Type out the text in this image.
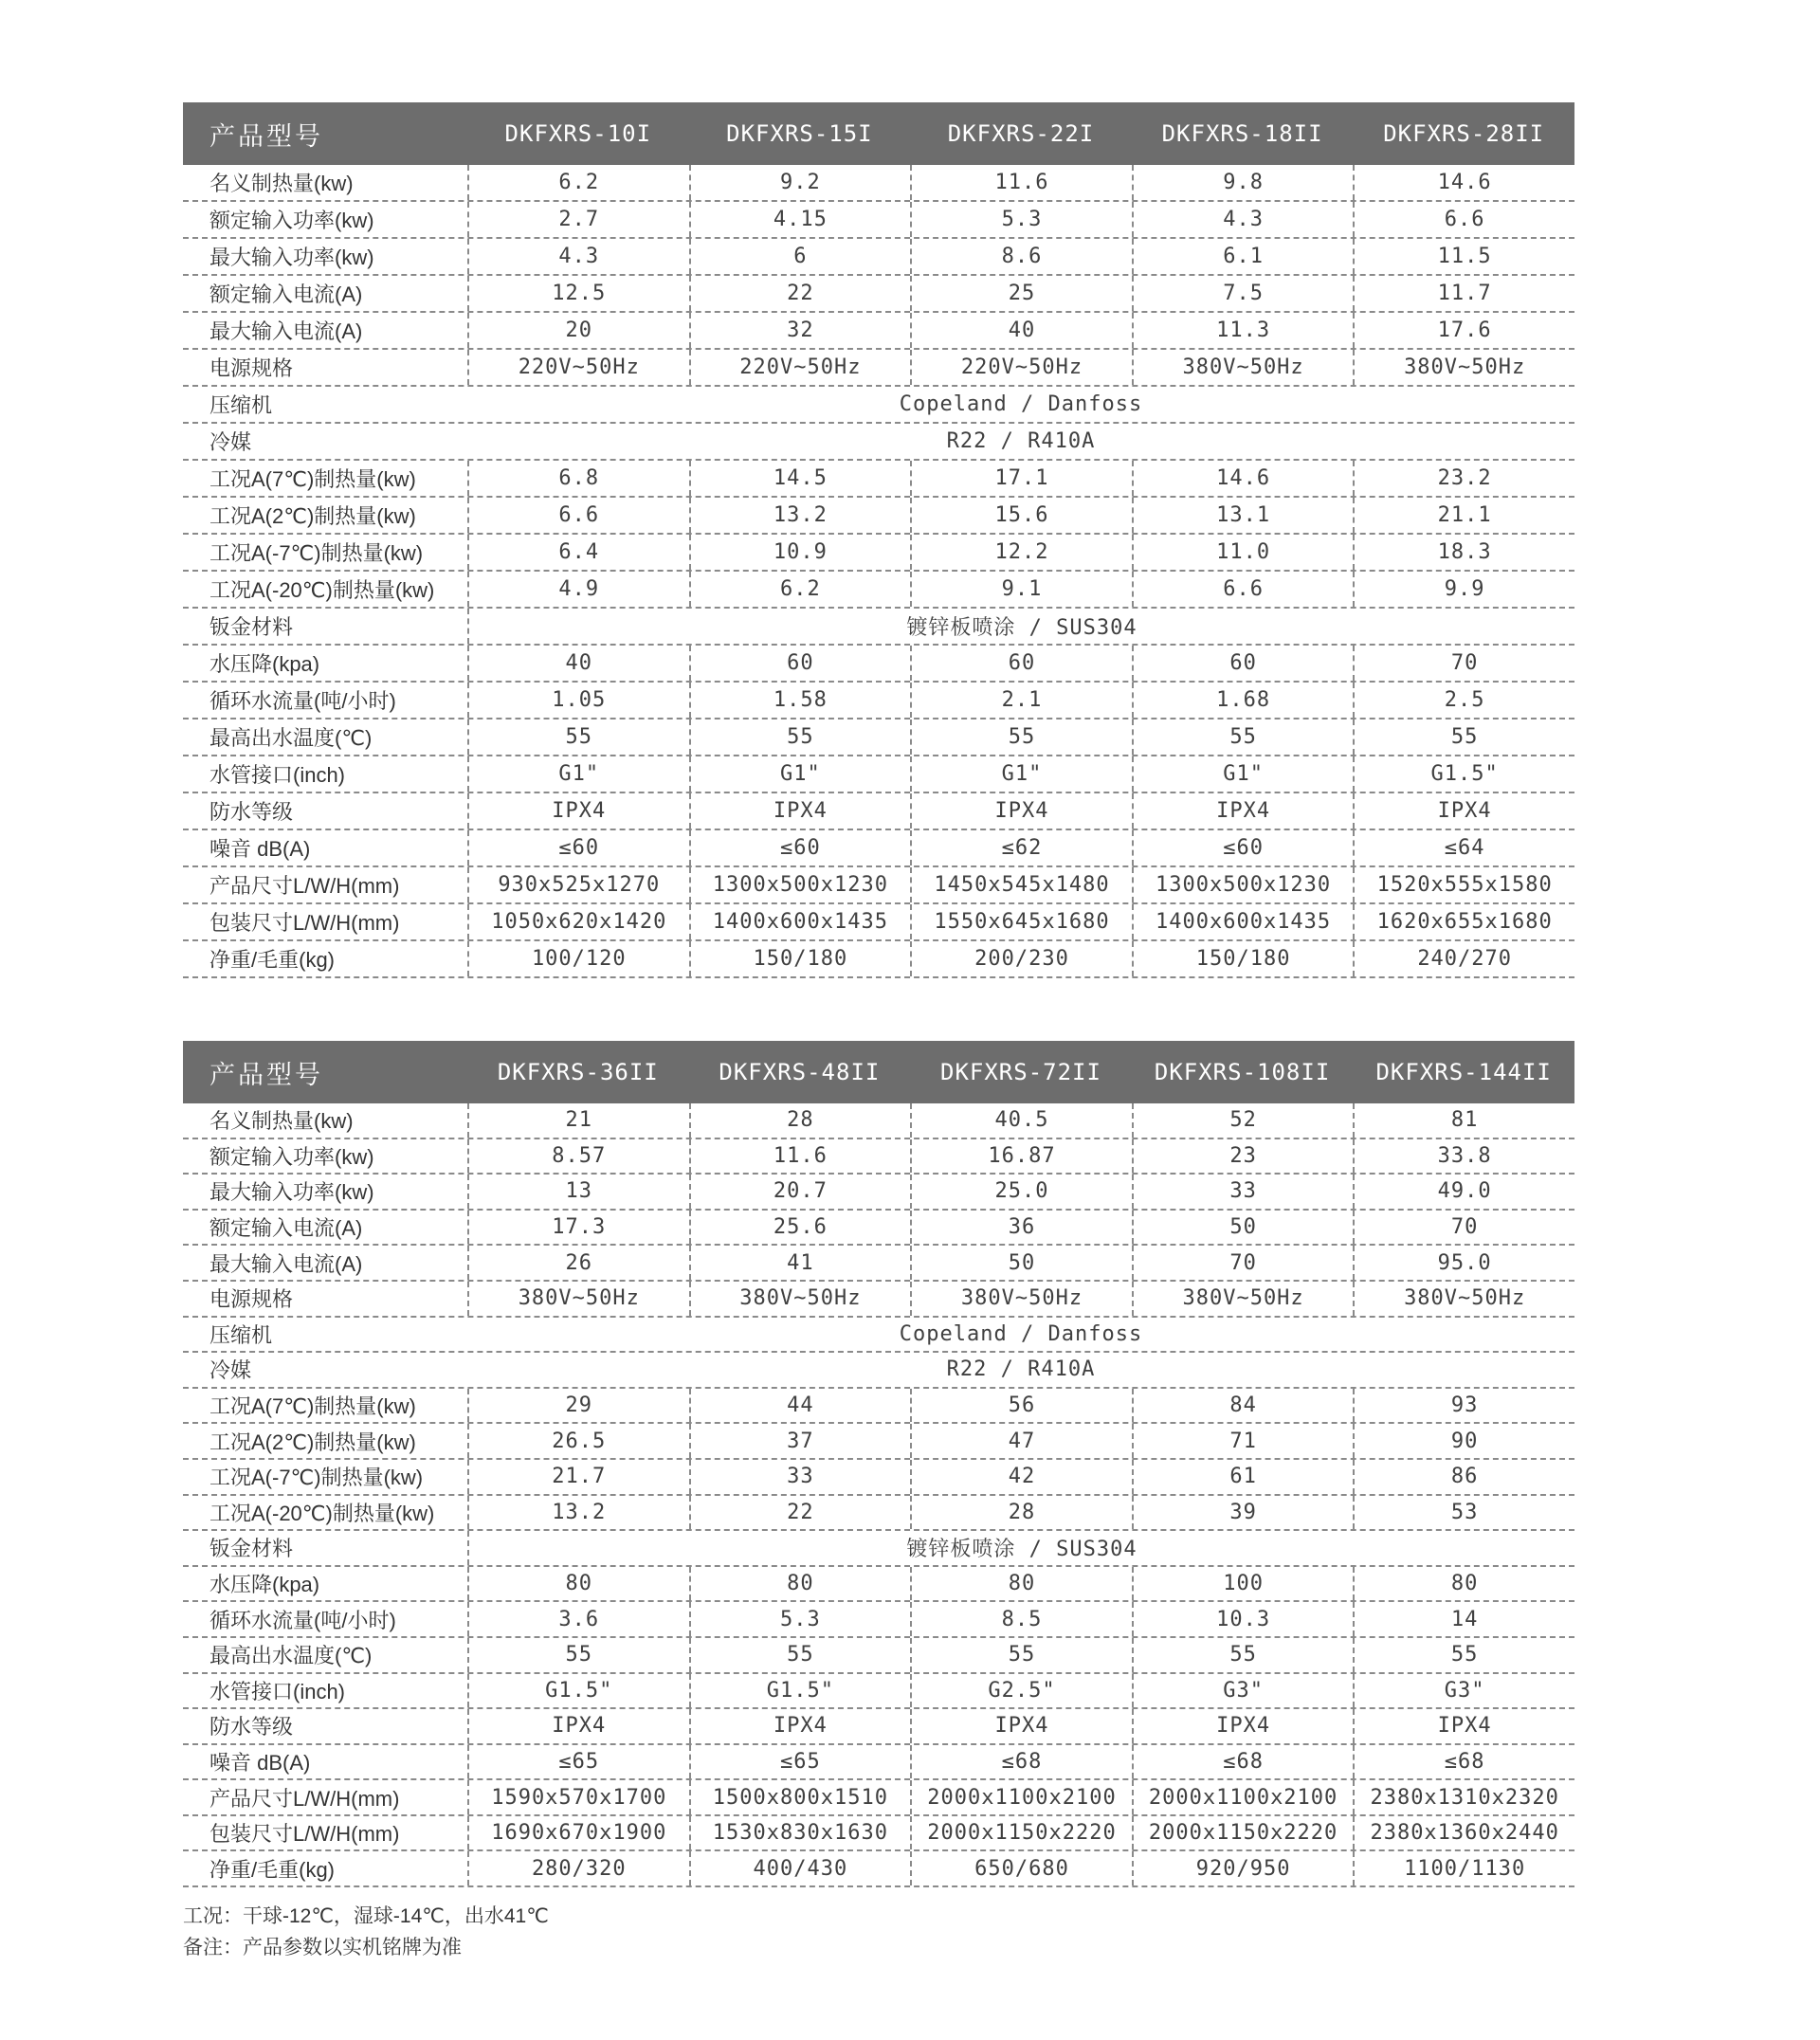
产品型号	DKFXRS-10I	DKFXRS-15I	DKFXRS-22I	DKFXRS-18II	DKFXRS-28II
名义制热量(kw)	6.2	9.2	11.6	9.8	14.6
额定输入功率(kw)	2.7	4.15	5.3	4.3	6.6
最大输入功率(kw)	4.3	6	8.6	6.1	11.5
额定输入电流(A)	12.5	22	25	7.5	11.7
最大输入电流(A)	20	32	40	11.3	17.6
电源规格	220V~50Hz	220V~50Hz	220V~50Hz	380V~50Hz	380V~50Hz
压缩机	Copeland / Danfoss
冷媒	R22 / R410A
工况A(7℃)制热量(kw)	6.8	14.5	17.1	14.6	23.2
工况A(2℃)制热量(kw)	6.6	13.2	15.6	13.1	21.1
工况A(-7℃)制热量(kw)	6.4	10.9	12.2	11.0	18.3
工况A(-20℃)制热量(kw)	4.9	6.2	9.1	6.6	9.9
钣金材料	镀锌板喷涂 / SUS304
水压降(kpa)	40	60	60	60	70
循环水流量(吨/小时)	1.05	1.58	2.1	1.68	2.5
最高出水温度(℃)	55	55	55	55	55
水管接口(inch)	G1"	G1"	G1"	G1"	G1.5"
防水等级	IPX4	IPX4	IPX4	IPX4	IPX4
噪音 dB(A)	≤60	≤60	≤62	≤60	≤64
产品尺寸L/W/H(mm)	930x525x1270	1300x500x1230	1450x545x1480	1300x500x1230	1520x555x1580
包装尺寸L/W/H(mm)	1050x620x1420	1400x600x1435	1550x645x1680	1400x600x1435	1620x655x1680
净重/毛重(kg)	100/120	150/180	200/230	150/180	240/270
产品型号	DKFXRS-36II	DKFXRS-48II	DKFXRS-72II	DKFXRS-108II	DKFXRS-144II
名义制热量(kw)	21	28	40.5	52	81
额定输入功率(kw)	8.57	11.6	16.87	23	33.8
最大输入功率(kw)	13	20.7	25.0	33	49.0
额定输入电流(A)	17.3	25.6	36	50	70
最大输入电流(A)	26	41	50	70	95.0
电源规格	380V~50Hz	380V~50Hz	380V~50Hz	380V~50Hz	380V~50Hz
压缩机	Copeland / Danfoss
冷媒	R22 / R410A
工况A(7℃)制热量(kw)	29	44	56	84	93
工况A(2℃)制热量(kw)	26.5	37	47	71	90
工况A(-7℃)制热量(kw)	21.7	33	42	61	86
工况A(-20℃)制热量(kw)	13.2	22	28	39	53
钣金材料	镀锌板喷涂 / SUS304
水压降(kpa)	80	80	80	100	80
循环水流量(吨/小时)	3.6	5.3	8.5	10.3	14
最高出水温度(℃)	55	55	55	55	55
水管接口(inch)	G1.5"	G1.5"	G2.5"	G3"	G3"
防水等级	IPX4	IPX4	IPX4	IPX4	IPX4
噪音 dB(A)	≤65	≤65	≤68	≤68	≤68
产品尺寸L/W/H(mm)	1590x570x1700	1500x800x1510	2000x1100x2100	2000x1100x2100	2380x1310x2320
包装尺寸L/W/H(mm)	1690x670x1900	1530x830x1630	2000x1150x2220	2000x1150x2220	2380x1360x2440
净重/毛重(kg)	280/320	400/430	650/680	920/950	1100/1130
工况：干球-12℃，湿球-14℃，出水41℃
备注：产品参数以实机铭牌为准
